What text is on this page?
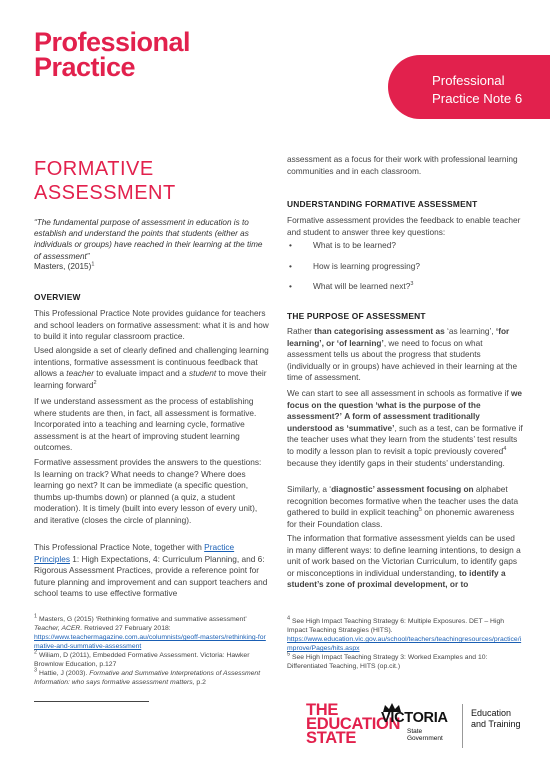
Professional
Practice	Professional
Practice Note 6
FORMATIVE
ASSESSMENT
“The fundamental purpose of assessment in education is to establish and understand the points that students (either as individuals or groups) have reached in their learning at the time of assessment”
Masters, $(2015)^1$
OVERVIEW
This Professional Practice Note provides guidance for teachers and school leaders on formative assessment: what it is and how to build it into regular classroom practice.
Used alongside a set of clearly defined and challenging learning intentions, formative assessment is continuous feedback that allows a teacher to evaluate impact and a student to move their learning forward$^2$
If we understand assessment as the process of establishing where students are then, in fact, all assessment is formative. Incorporated into a teaching and learning cycle, formative assessment is at the heart of improving student learning outcomes.
Formative assessment provides the answers to the questions: Is learning on track? What needs to change? Where does learning go next? It can be immediate (a specific question, thumbs up-thumbs down) or planned (a quiz, a student moderation). It is timely (built into every lesson of every unit), and iterative (closes the circle of planning).
This Professional Practice Note, together with Practice Principles 1: High Expectations, 4: Curriculum Planning, and 6: Rigorous Assessment Practices, provide a reference point for future planning and improvement and can support teachers and school teams to use effective formative
assessment as a focus for their work with professional learning communities and in each classroom.
UNDERSTANDING FORMATIVE ASSESSMENT
Formative assessment provides the feedback to enable teacher and student to answer three key questions:
• What is to be learned?
• How is learning progressing?
• What will be learned next?$^3$
THE PURPOSE OF ASSESSMENT
Rather than categorising assessment as ‘as learning’, ‘for learning’, or ‘of learning’, we need to focus on what assessment tells us about the progress that students (individually or in groups) have achieved in their learning at the time of assessment.
We can start to see all assessment in schools as formative if we focus on the question ‘what is the purpose of the assessment?’ A form of assessment traditionally understood as ‘summative’, such as a test, can be formative if the teacher uses what they learn from the students’ test results to modify a lesson plan to revisit a topic previously covered$^4$ because they identify gaps in their students’ understanding.
Similarly, a ‘diagnostic’ assessment focusing on alphabet recognition becomes formative when the teacher uses the data gathered to build in explicit teaching$^5$ on phonemic awareness for their Foundation class.
The information that formative assessment yields can be used in many different ways: to define learning intentions, to design a unit of work based on the Victorian Curriculum, to identify gaps or misconceptions in individual understanding, to identify a student’s zone of proximal development, or to
$^1$ Masters, G (2015) ‘Rethinking formative and summative assessment’ Teacher, ACER. Retrieved 27 February 2018:
https://www.teachermagazine.com.au/columnists/geoff-masters/rethinking-formative-and-summative-assessment
$^2$ Wiliam, D (2011), Embedded Formative Assessment. Victoria: Hawker Brownlow Education, p.127
$^3$ Hattie, J (2003). Formative and Summative Interpretations of Assessment Information: who says formative assessment matters, p.2
$^4$ See High Impact Teaching Strategy 6: Multiple Exposures. DET – High Impact Teaching Strategies (HITS).
https://www.education.vic.gov.au/school/teachers/teachingresources/practice/improve/Pages/hits.aspx
$^5$ See High Impact Teaching Strategy 3: Worked Examples and 10: Differentiated Teaching, HITS (op.cit.)
THE
EDUCATION
STATE
VICTORIA
State
Government
Education
and Training
